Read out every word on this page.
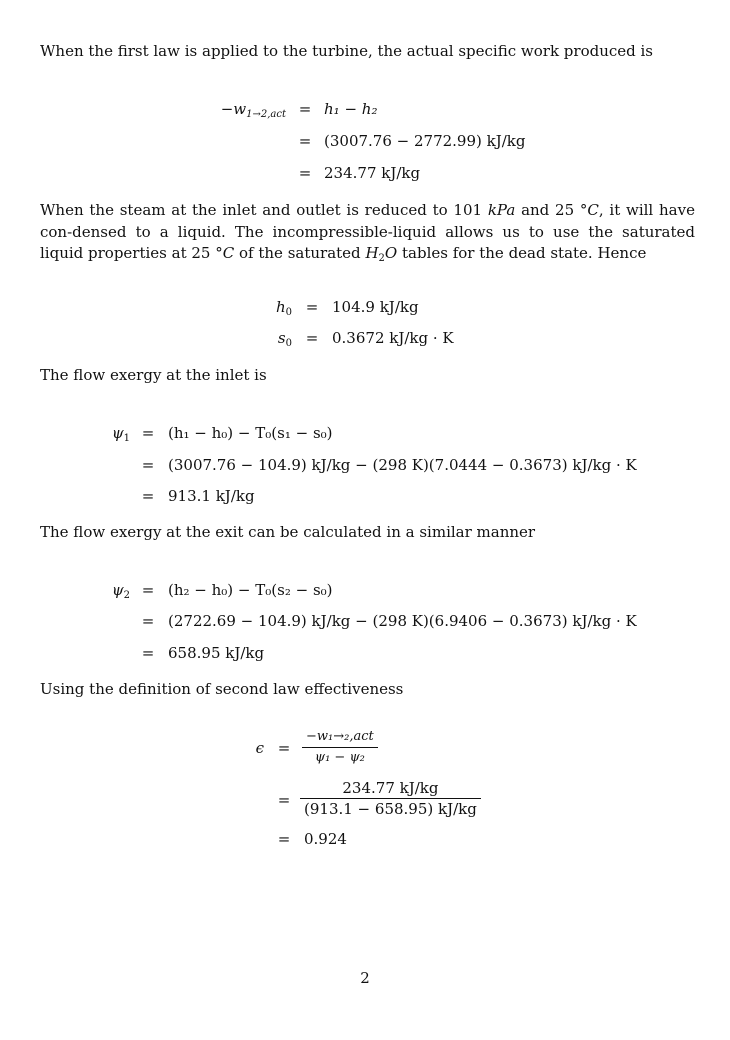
When the first law is applied to the turbine, the actual specific work produced is
$-w_{1\to 2,act} = h_1 - h_2$
= (3007.76 − 2772.99) kJ/kg
= 234.77 kJ/kg
When the steam at the inlet and outlet is reduced to 101 kPa and 25 °C, it will have con-densed to a liquid. The incompressible-liquid allows us to use the saturated liquid properties at 25 °C of the saturated $H_2O$ tables for the dead state. Hence
$h_0 = 104.9$ kJ/kg
$s_0 = 0.3672$ kJ/kg · K
The flow exergy at the inlet is
$\psi_1 = (h_1 - h_0) - T_0(s_1 - s_0)$
= (3007.76 − 104.9) kJ/kg − (298 K)(7.0444 − 0.3673) kJ/kg · K
= 913.1 kJ/kg
The flow exergy at the exit can be calculated in a similar manner
$\psi_2 = (h_2 - h_0) - T_0(s_2 - s_0)$
= (2722.69 − 104.9) kJ/kg − (298 K)(6.9406 − 0.3673) kJ/kg · K
= 658.95 kJ/kg
Using the definition of second law effectiveness
ϵ =
−w₁→₂,act
ψ₁ − ψ₂
= $\frac{234.77 kJ/kg}{(913.1 - 658.95) kJ/kg}$
= 0.924
2
